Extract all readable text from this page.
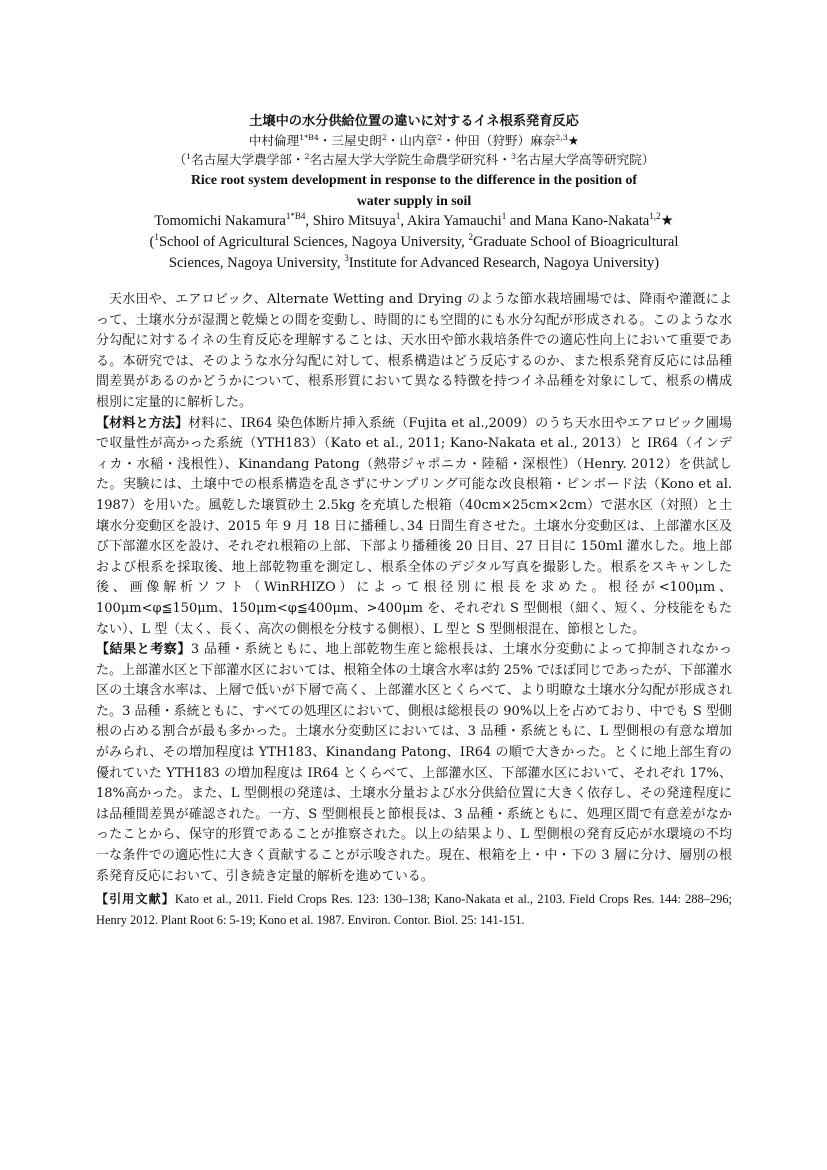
土壌中の水分供給位置の違いに対するイネ根系発育反応
中村倫理$^{1*B4}$・三屋史朗$^2$・山内章$^2$・仲田（狩野）麻奈$^{2,3}$★
（$^1$名古屋大学農学部・$^2$名古屋大学大学院生命農学研究科・$^3$名古屋大学高等研究院）
Rice root system development in response to the difference in the position of
water supply in soil
Tomomichi Nakamura$^{1*B4}$, Shiro Mitsuya$^1$, Akira Yamauchi$^1$ and Mana Kano-Nakata$^{1,2}$★
($^1$School of Agricultural Sciences, Nagoya University, $^2$Graduate School of Bioagricultural
Sciences, Nagoya University, $^3$Institute for Advanced Research, Nagoya University)

天水田や、エアロビック、Alternate Wetting and Drying のような節水栽培圃場では、降雨や灌漑によって、土壌水分が湿潤と乾燥との間を変動し、時間的にも空間的にも水分勾配が形成される。このような水分勾配に対するイネの生育反応を理解することは、天水田や節水栽培条件での適応性向上において重要である。本研究では、そのような水分勾配に対して、根系構造はどう反応するのか、また根系発育反応には品種間差異があるのかどうかについて、根系形質において異なる特徴を持つイネ品種を対象にして、根系の構成根別に定量的に解析した。

【材料と方法】材料に、IR64 染色体断片挿入系統（Fujita et al.,2009）のうち天水田やエアロビック圃場で収量性が高かった系統（YTH183）（Kato et al., 2011; Kano-Nakata et al., 2013）と IR64（インディカ・水稲・浅根性）、Kinandang Patong（熱帯ジャポニカ・陸稲・深根性）（Henry. 2012）を供試した。実験には、土壌中での根系構造を乱さずにサンプリング可能な改良根箱・ピンボード法（Kono et al. 1987）を用いた。風乾した壌質砂土 2.5kg を充填した根箱（40cm×25cm×2cm）で湛水区（対照）と土壌水分変動区を設け、2015 年 9 月 18 日に播種し､34 日間生育させた。土壌水分変動区は、上部灌水区及び下部灌水区を設け、それぞれ根箱の上部、下部より播種後 20 日目、27 日目に 150ml 灌水した。地上部および根系を採取後、地上部乾物重を測定し、根系全体のデジタル写真を撮影した。根系をスキャンした後、画像解析ソフト（WinRHIZO）によって根径別に根長を求めた。根径が<100μm、100μm<φ≦150μm、150μm<φ≦400μm、>400μm を、それぞれ S 型側根（細く、短く、分枝能をもたない）、L 型（太く、長く、高次の側根を分枝する側根）、L 型と S 型側根混在、節根とした。

【結果と考察】3 品種・系統ともに、地上部乾物生産と総根長は、土壌水分変動によって抑制されなかった。上部灌水区と下部灌水区においては、根箱全体の土壌含水率は約 25% でほぼ同じであったが、下部灌水区の土壌含水率は、上層で低いが下層で高く、上部灌水区とくらべて、より明瞭な土壌水分勾配が形成された。3 品種・系統ともに、すべての処理区において、側根は総根長の 90%以上を占めており、中でも S 型側根の占める割合が最も多かった。土壌水分変動区においては、3 品種・系統ともに、L 型側根の有意な増加がみられ、その増加程度は YTH183、Kinandang Patong、IR64 の順で大きかった。とくに地上部生育の優れていた YTH183 の増加程度は IR64 とくらべて、上部灌水区、下部灌水区において、それぞれ 17%、18%高かった。また、L 型側根の発達は、土壌水分量および水分供給位置に大きく依存し、その発達程度には品種間差異が確認された。一方、S 型側根長と節根長は、3 品種・系統ともに、処理区間で有意差がなかったことから、保守的形質であることが推察された。以上の結果より、L 型側根の発育反応が水環境の不均一な条件での適応性に大きく貢献することが示唆された。現在、根箱を上・中・下の 3 層に分け、層別の根系発育反応において、引き続き定量的解析を進めている。

【引用文献】Kato et al., 2011. Field Crops Res. 123: 130–138; Kano-Nakata et al., 2103. Field Crops Res. 144: 288–296; Henry 2012. Plant Root 6: 5-19; Kono et al. 1987. Environ. Contor. Biol. 25: 141-151.
